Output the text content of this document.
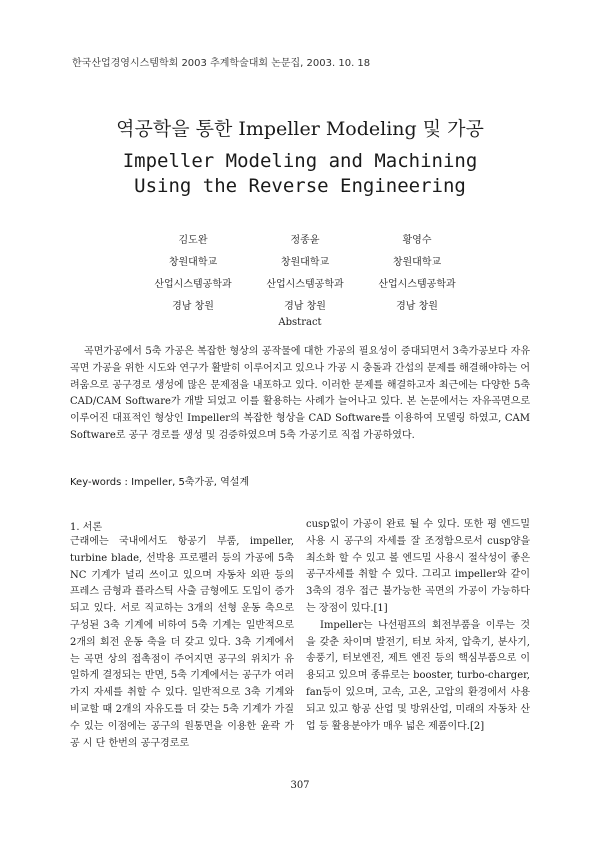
한국산업경영시스템학회 2003 추계학술대회 논문집, 2003. 10. 18
역공학을 통한 Impeller Modeling 및 가공
Impeller Modeling and Machining
Using the Reverse Engineering
김도완
창원대학교
산업시스템공학과
경남 창원
정종윤
창원대학교
산업시스템공학과
경남 창원
황영수
창원대학교
산업시스템공학과
경남 창원
Abstract
곡면가공에서 5축 가공은 복잡한 형상의 공작물에 대한 가공의 필요성이 증대되면서 3축가공보다 자유곡면 가공을 위한 시도와 연구가 활발히 이루어지고 있으나 가공 시 충돌과 간섭의 문제를 해결해야하는 어려움으로 공구경로 생성에 많은 문제점을 내포하고 있다. 이러한 문제를 해결하고자 최근에는 다양한 5축 CAD/CAM Software가 개발 되었고 이를 활용하는 사례가 늘어나고 있다. 본 논문에서는 자유곡면으로 이루어진 대표적인 형상인 Impeller의 복잡한 형상을 CAD Software를 이용하여 모델링 하였고, CAM Software로 공구 경로를 생성 및 검증하였으며 5축 가공기로 직접 가공하였다.
Key-words : Impeller, 5축가공, 역설계
1. 서론

근래에는 국내에서도 항공기 부품, impeller, turbine blade, 선박용 프로펠러 등의 가공에 5축 NC 기계가 널리 쓰이고 있으며 자동차 외판 등의 프레스 금형과 플라스틱 사출 금형에도 도입이 증가되고 있다. 서로 직교하는 3개의 선형 운동 축으로 구성된 3축 기계에 비하여 5축 기계는 일반적으로 2개의 회전 운동 축을 더 갖고 있다. 3축 기계에서는 곡면 상의 접촉점이 주어지면 공구의 위치가 유일하게 결정되는 반면, 5축 기계에서는 공구가 여러 가지 자세를 취할 수 있다. 일반적으로 3축 기계와 비교할 때 2개의 자유도를 더 갖는 5축 기계가 가질 수 있는 이점에는 공구의 원통면을 이용한 윤곽 가공 시 단 한번의 공구경로로

cusp없이 가공이 완료 될 수 있다. 또한 평 엔드밀 사용 시 공구의 자세를 잘 조정함으로서 cusp양을 최소화 할 수 있고 볼 엔드밀 사용시 절삭성이 좋은 공구자세를 취할 수 있다. 그리고 impeller와 같이 3축의 경우 접근 불가능한 곡면의 가공이 가능하다는 장점이 있다.[1]

Impeller는 나선펌프의 회전부품을 이루는 것을 갖춘 차이며 발전기, 터보 차저, 압축기, 분사기, 송풍기, 터보엔진, 제트 엔진 등의 핵심부품으로 이용되고 있으며 종류로는 booster, turbo-charger, fan등이 있으며, 고속, 고온, 고압의 환경에서 사용되고 있고 항공 산업 및 방위산업, 미래의 자동차 산업 등 활용분야가 매우 넓은 제품이다.[2]

307
